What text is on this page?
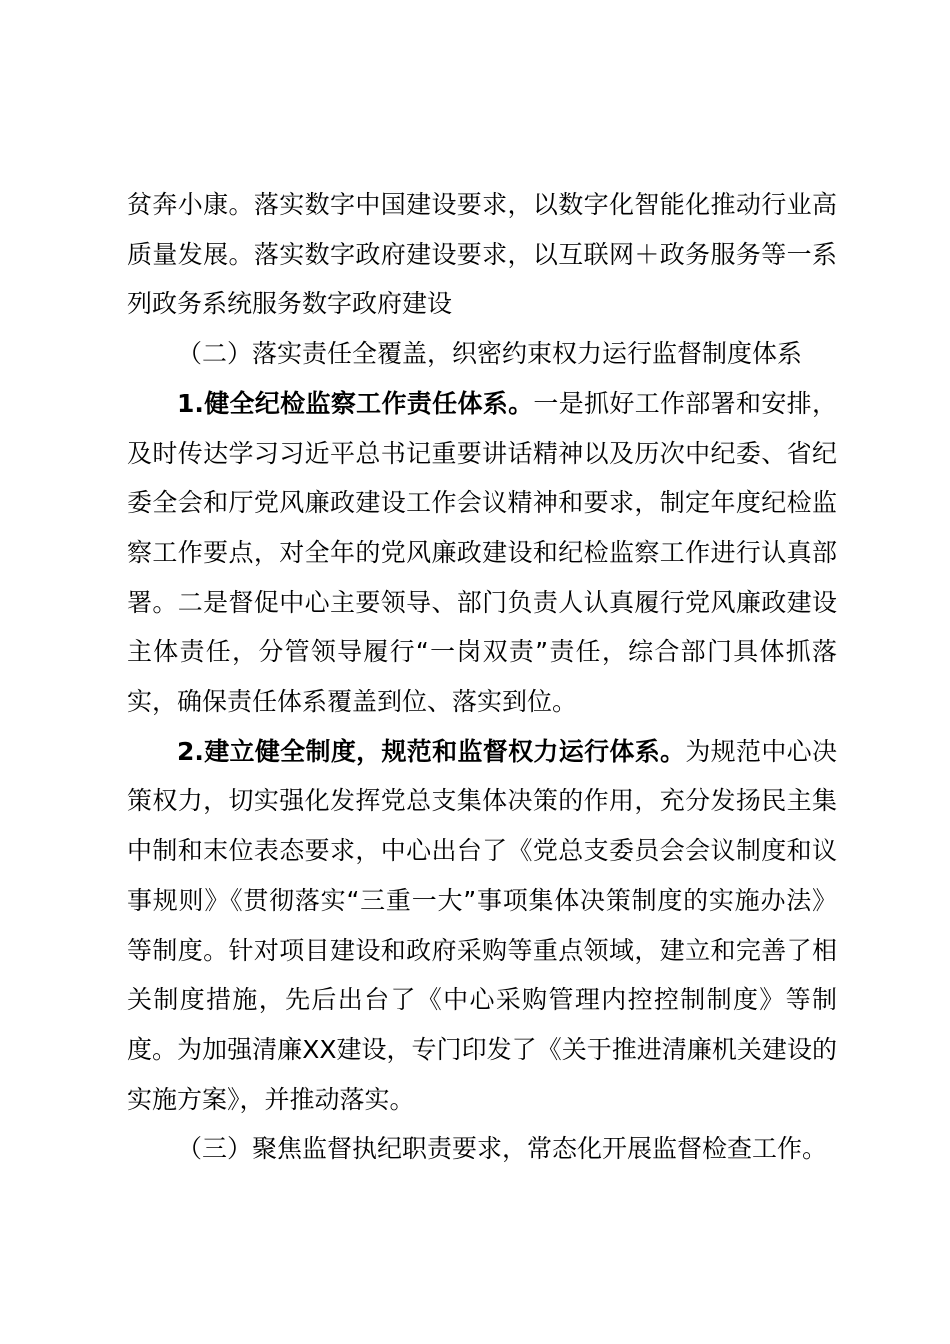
贫奔小康。落实数字中国建设要求，以数字化智能化推动行业高质量发展。落实数字政府建设要求，以互联网＋政务服务等一系列政务系统服务数字政府建设

（二）落实责任全覆盖，织密约束权力运行监督制度体系

1.健全纪检监察工作责任体系。一是抓好工作部署和安排，及时传达学习习近平总书记重要讲话精神以及历次中纪委、省纪委全会和厅党风廉政建设工作会议精神和要求，制定年度纪检监察工作要点，对全年的党风廉政建设和纪检监察工作进行认真部署。二是督促中心主要领导、部门负责人认真履行党风廉政建设主体责任，分管领导履行“一岗双责”责任，综合部门具体抓落实，确保责任体系覆盖到位、落实到位。

2.建立健全制度，规范和监督权力运行体系。为规范中心决策权力，切实强化发挥党总支集体决策的作用，充分发扬民主集中制和末位表态要求，中心出台了《党总支委员会会议制度和议事规则》《贯彻落实“三重一大”事项集体决策制度的实施办法》等制度。针对项目建设和政府采购等重点领域，建立和完善了相关制度措施，先后出台了《中心采购管理内控控制制度》等制度。为加强清廉XX建设，专门印发了《关于推进清廉机关建设的实施方案》，并推动落实。

（三）聚焦监督执纪职责要求，常态化开展监督检查工作。
